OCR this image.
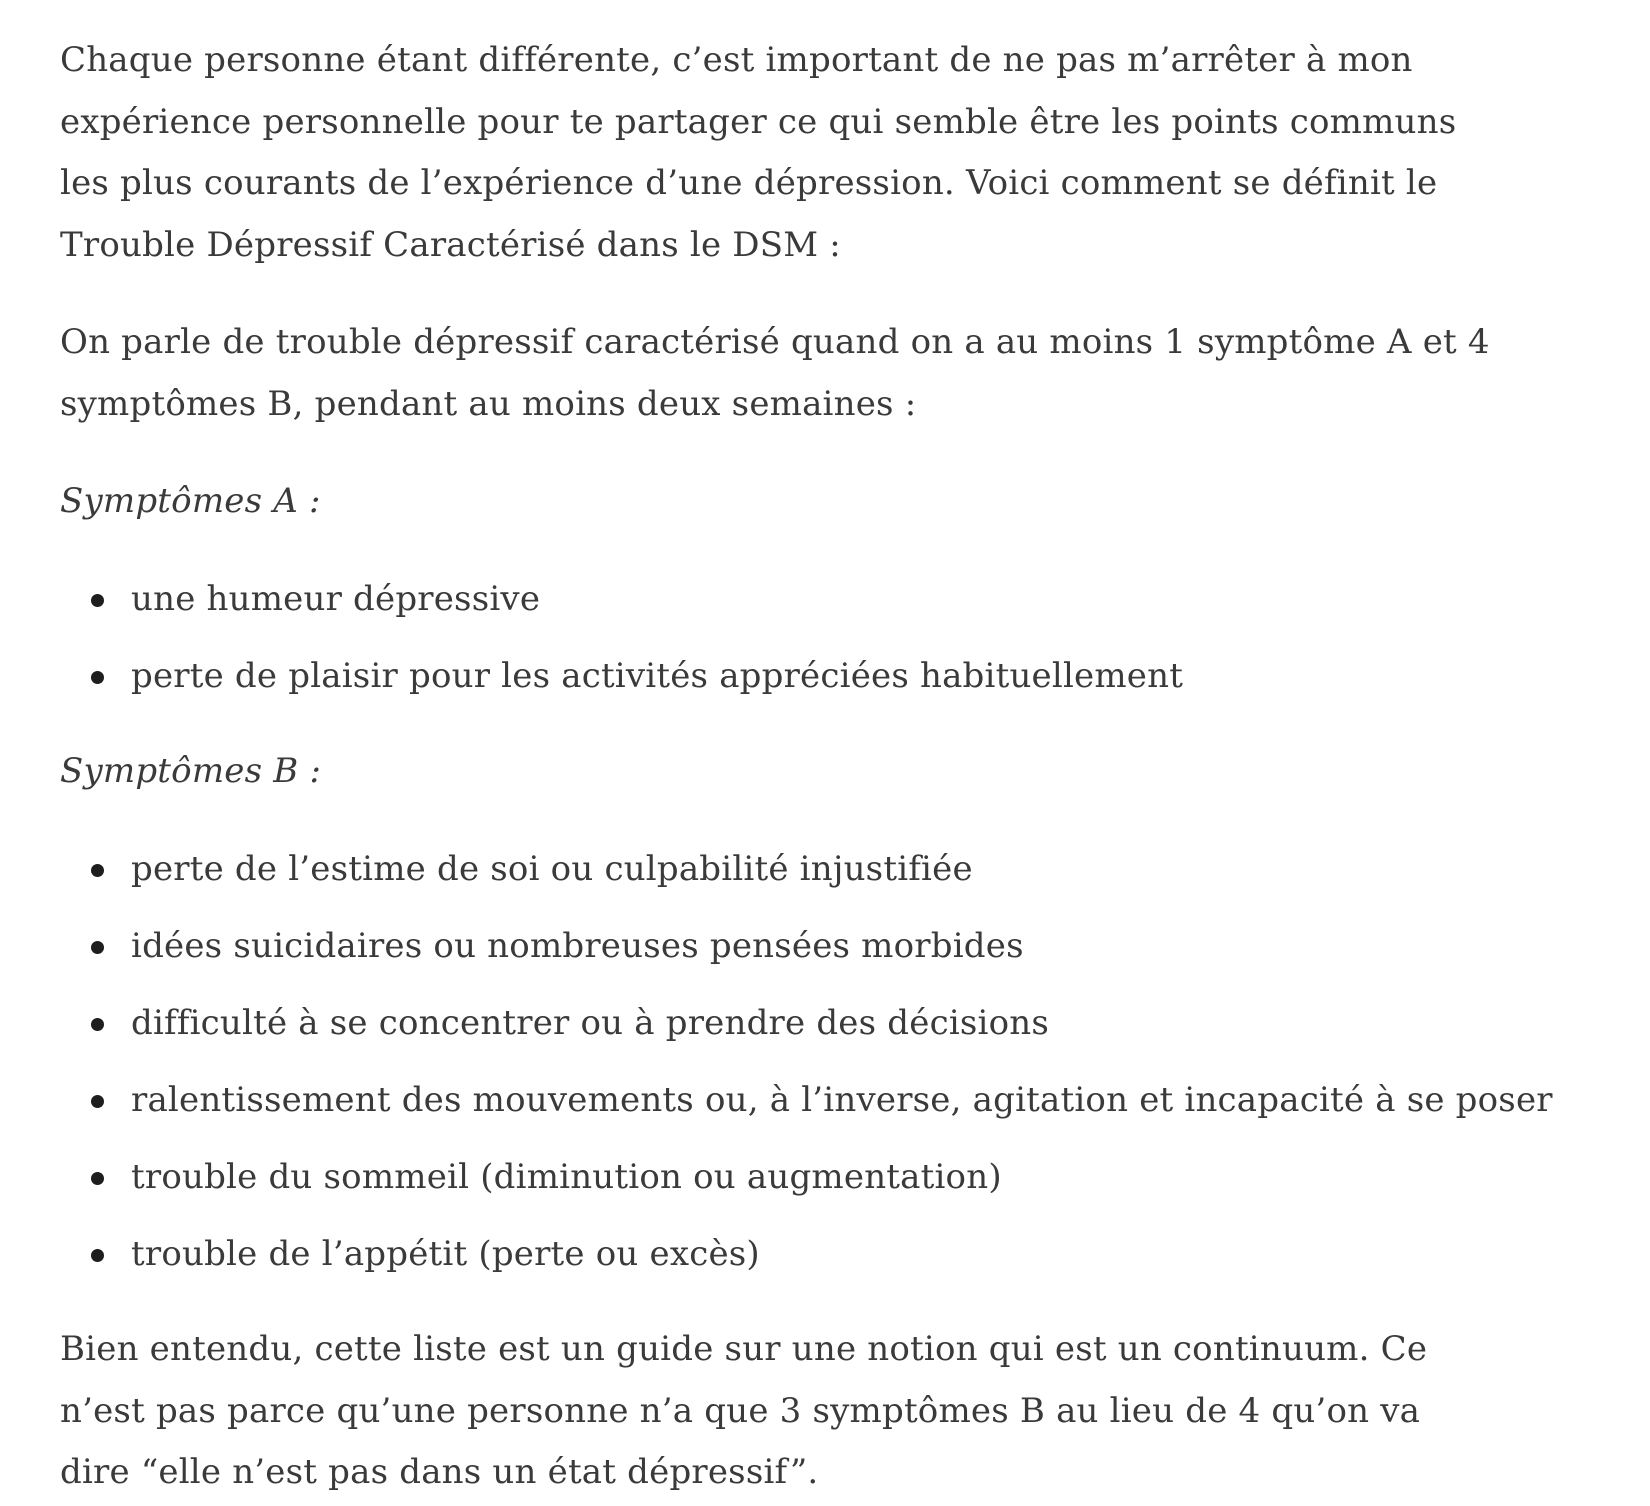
Chaque personne étant différente, c’est important de ne pas m’arrêter à mon expérience personnelle pour te partager ce qui semble être les points communs les plus courants de l’expérience d’une dépression. Voici comment se définit le Trouble Dépressif Caractérisé dans le DSM :

On parle de trouble dépressif caractérisé quand on a au moins 1 symptôme A et 4 symptômes B, pendant au moins deux semaines :

Symptômes A :

une humeur dépressive
perte de plaisir pour les activités appréciées habituellement

Symptômes B :

perte de l’estime de soi ou culpabilité injustifiée
idées suicidaires ou nombreuses pensées morbides
difficulté à se concentrer ou à prendre des décisions
ralentissement des mouvements ou, à l’inverse, agitation et incapacité à se poser
trouble du sommeil (diminution ou augmentation)
trouble de l’appétit (perte ou excès)

Bien entendu, cette liste est un guide sur une notion qui est un continuum. Ce n’est pas parce qu’une personne n’a que 3 symptômes B au lieu de 4 qu’on va dire “elle n’est pas dans un état dépressif”.
